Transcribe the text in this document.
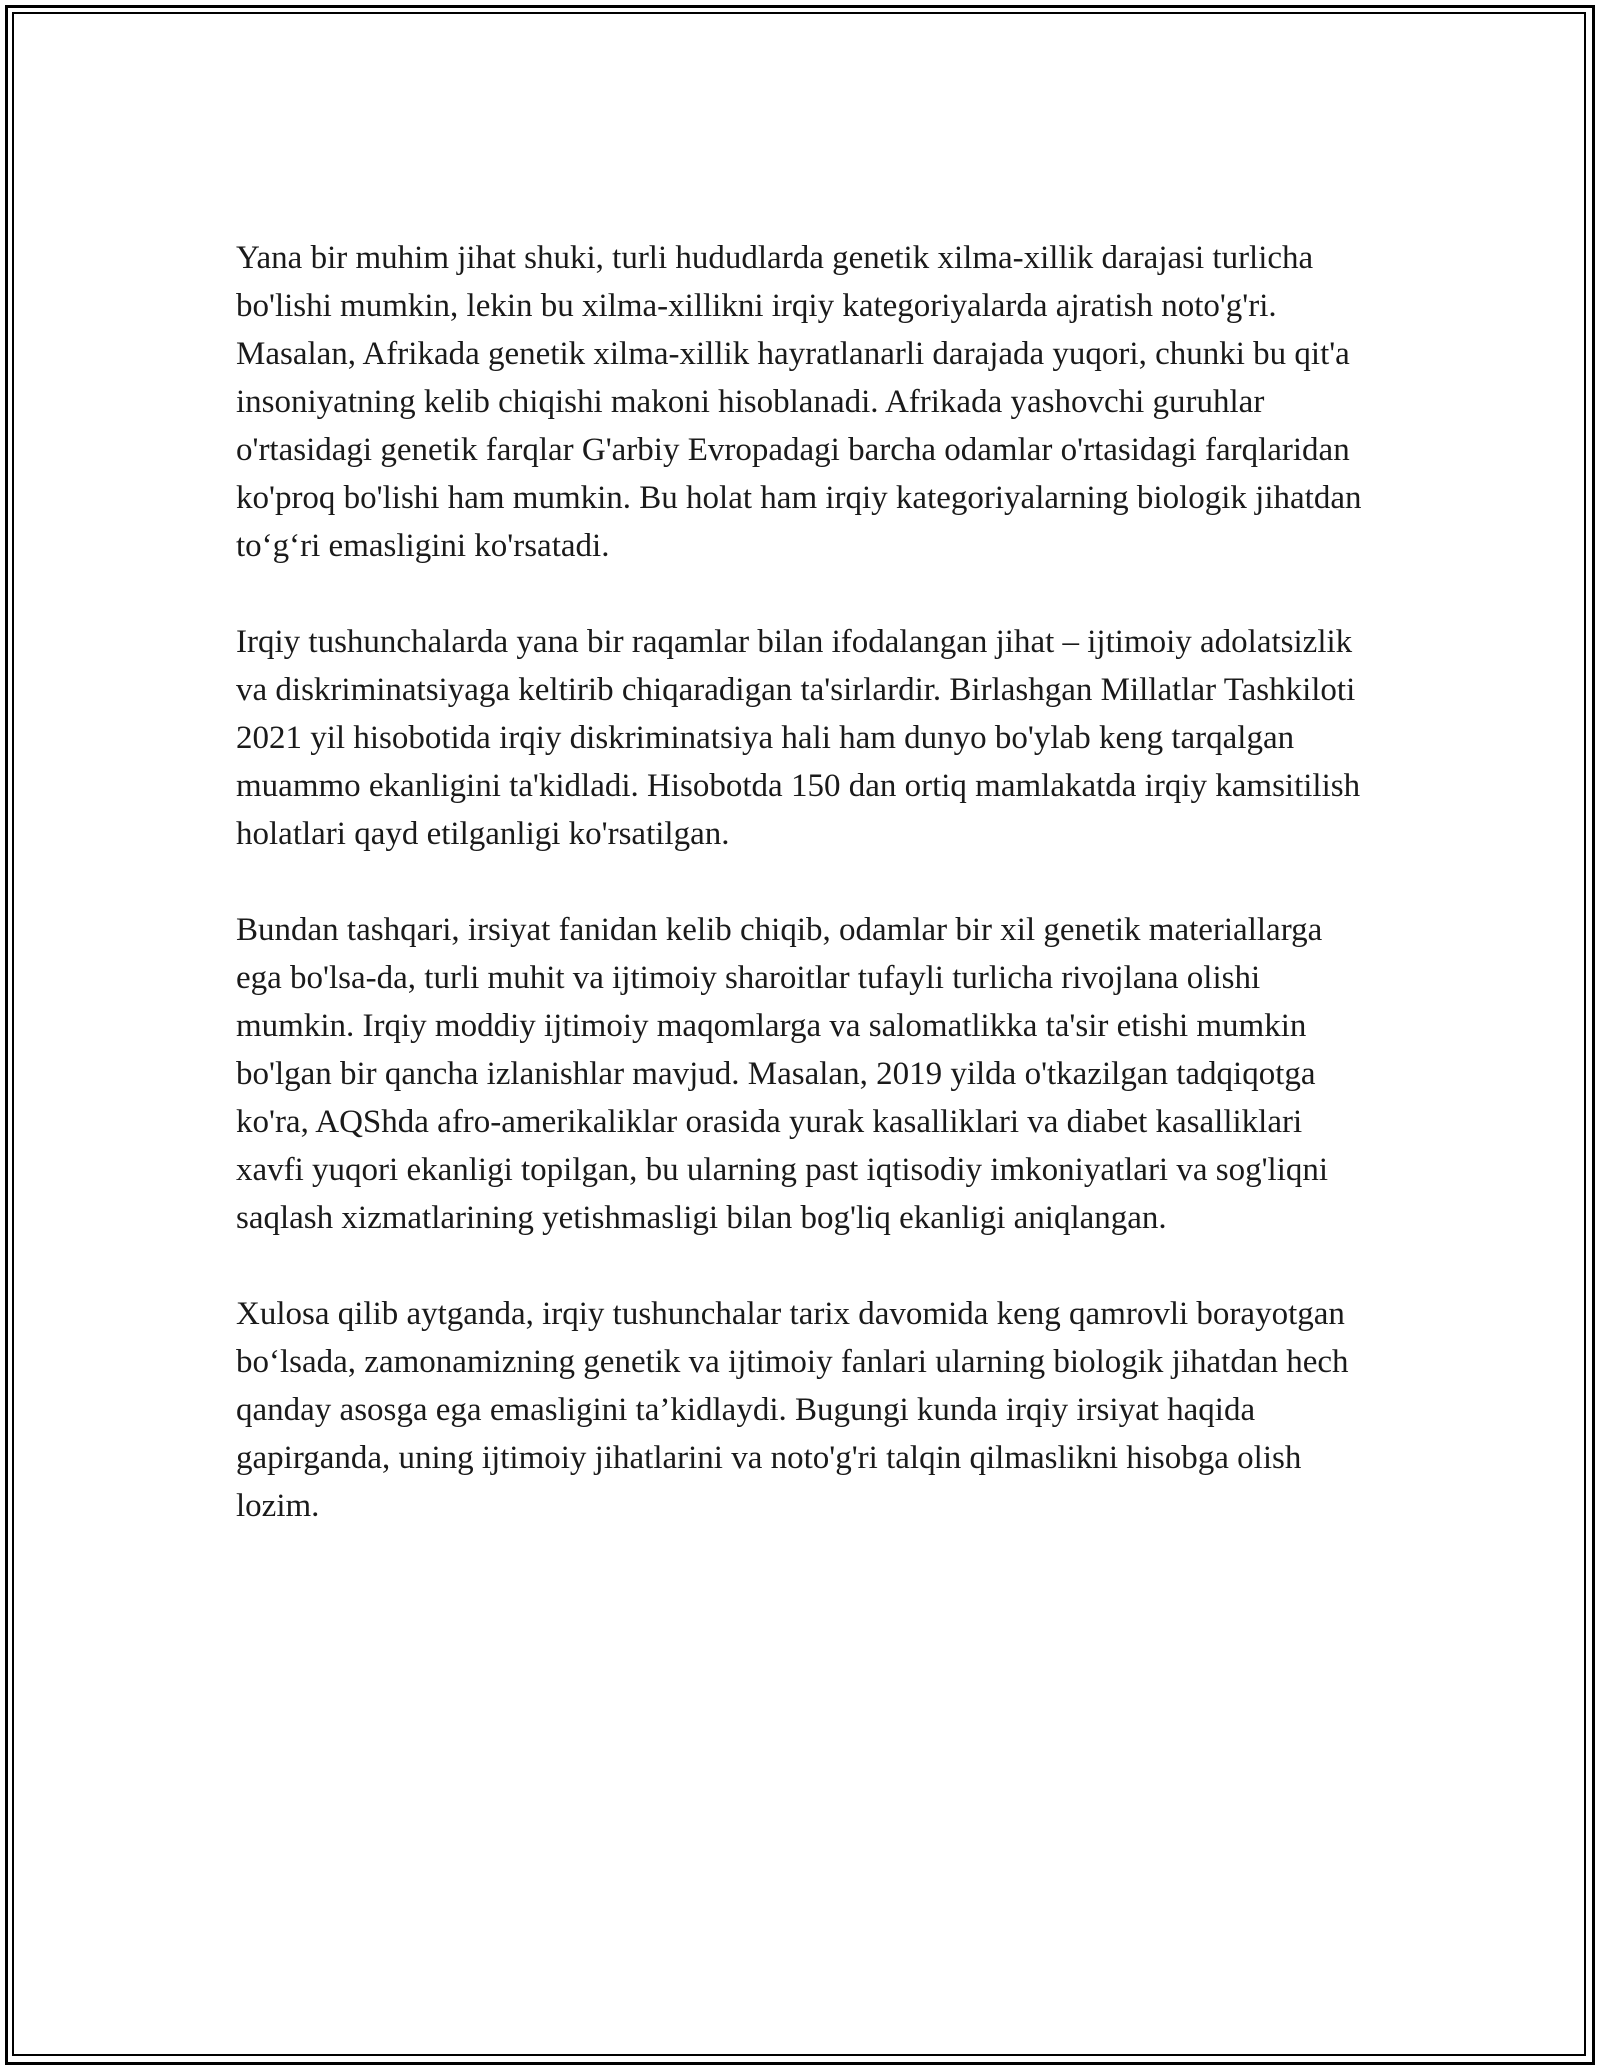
Yana bir muhim jihat shuki, turli hududlarda genetik xilma-xillik darajasi turlicha bo'lishi mumkin, lekin bu xilma-xillikni irqiy kategoriyalarda ajratish noto'g'ri. Masalan, Afrikada genetik xilma-xillik hayratlanarli darajada yuqori, chunki bu qit'a insoniyatning kelib chiqishi makoni hisoblanadi. Afrikada yashovchi guruhlar o'rtasidagi genetik farqlar G'arbiy Evropadagi barcha odamlar o'rtasidagi farqlaridan ko'proq bo'lishi ham mumkin. Bu holat ham irqiy kategoriyalarning biologik jihatdan to‘g‘ri emasligini ko'rsatadi.

Irqiy tushunchalarda yana bir raqamlar bilan ifodalangan jihat – ijtimoiy adolatsizlik va diskriminatsiyaga keltirib chiqaradigan ta'sirlardir. Birlashgan Millatlar Tashkiloti 2021 yil hisobotida irqiy diskriminatsiya hali ham dunyo bo'ylab keng tarqalgan muammo ekanligini ta'kidladi. Hisobotda 150 dan ortiq mamlakatda irqiy kamsitilish holatlari qayd etilganligi ko'rsatilgan.

Bundan tashqari, irsiyat fanidan kelib chiqib, odamlar bir xil genetik materiallarga ega bo'lsa-da, turli muhit va ijtimoiy sharoitlar tufayli turlicha rivojlana olishi mumkin. Irqiy moddiy ijtimoiy maqomlarga va salomatlikka ta'sir etishi mumkin bo'lgan bir qancha izlanishlar mavjud. Masalan, 2019 yilda o'tkazilgan tadqiqotga ko'ra, AQShda afro-amerikaliklar orasida yurak kasalliklari va diabet kasalliklari xavfi yuqori ekanligi topilgan, bu ularning past iqtisodiy imkoniyatlari va sog'liqni saqlash xizmatlarining yetishmasligi bilan bog'liq ekanligi aniqlangan.

Xulosa qilib aytganda, irqiy tushunchalar tarix davomida keng qamrovli borayotgan bo‘lsada, zamonamizning genetik va ijtimoiy fanlari ularning biologik jihatdan hech qanday asosga ega emasligini ta’kidlaydi. Bugungi kunda irqiy irsiyat haqida gapirganda, uning ijtimoiy jihatlarini va noto'g'ri talqin qilmaslikni hisobga olish lozim.
